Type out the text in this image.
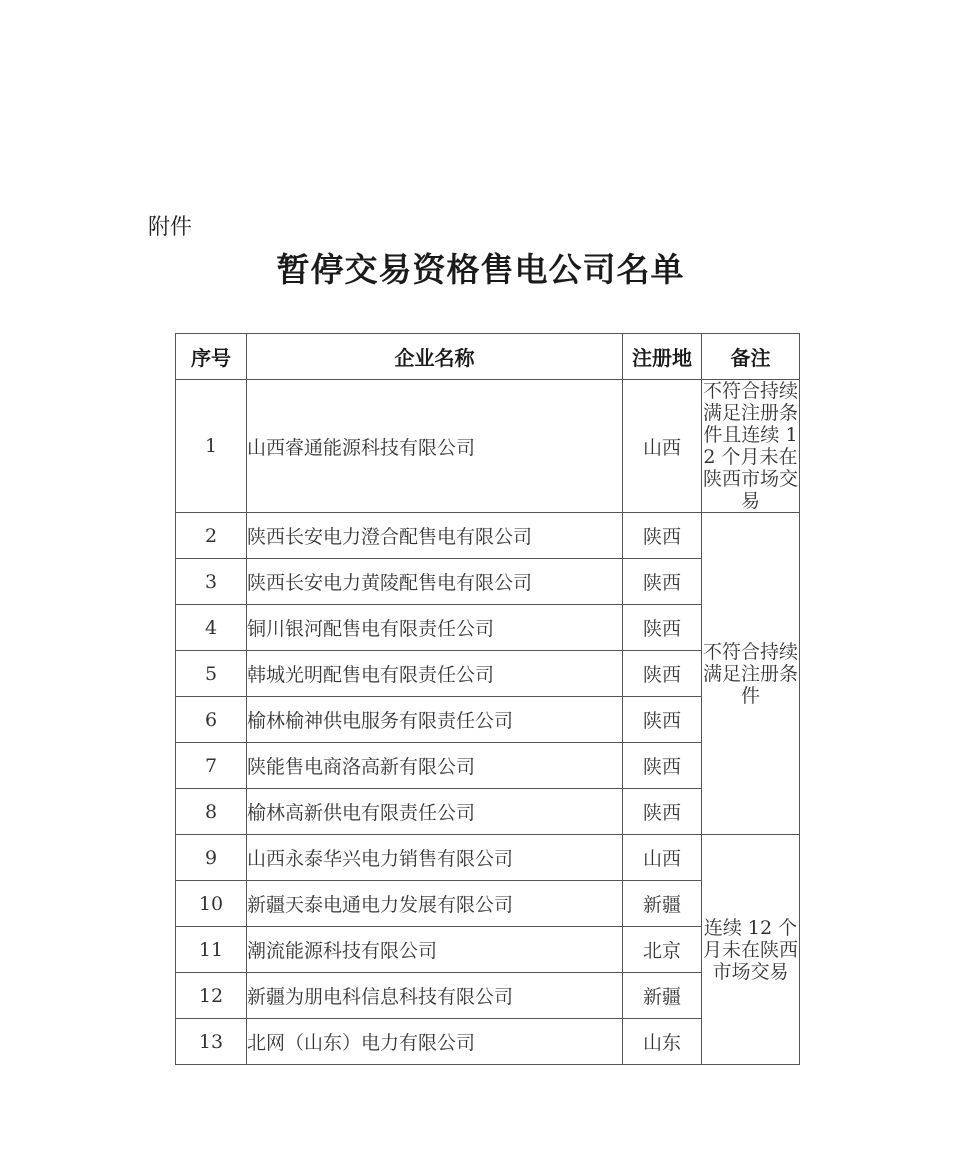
附件
暂停交易资格售电公司名单
序号	企业名称	注册地	备注
1	山西睿通能源科技有限公司	山西	不符合持续满足注册条件且连续 12 个月未在陕西市场交易

2	陕西长安电力澄合配售电有限公司	陕西	不符合持续满足注册条件

3	陕西长安电力黄陵配售电有限公司	陕西	
4	铜川银河配售电有限责任公司	陕西	
5	韩城光明配售电有限责任公司	陕西	
6	榆林榆神供电服务有限责任公司	陕西	
7	陕能售电商洛高新有限公司	陕西	
8	榆林高新供电有限责任公司	陕西	
9	山西永泰华兴电力销售有限公司	山西	连续 12 个月未在陕西市场交易

10	新疆天泰电通电力发展有限公司	新疆	
11	潮流能源科技有限公司	北京	
12	新疆为朋电科信息科技有限公司	新疆	
13	北网（山东）电力有限公司	山东	
